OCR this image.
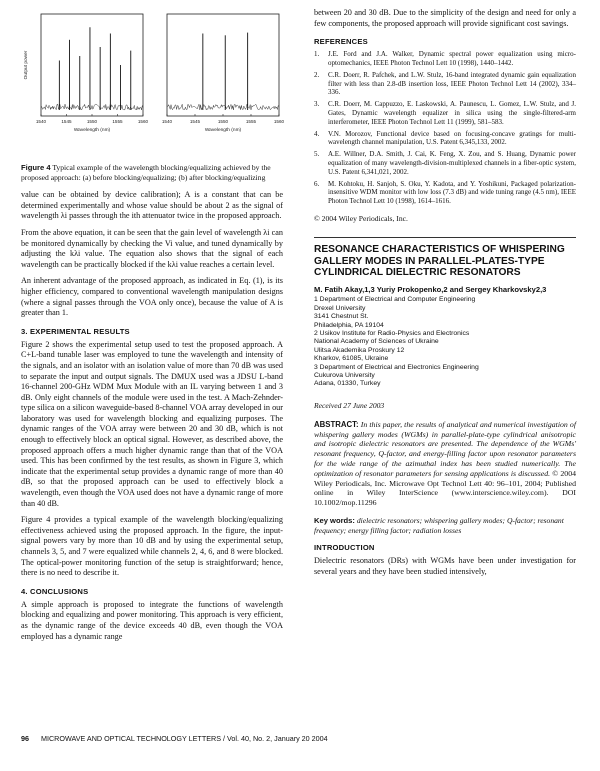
1540	1545	1550	1555	1560
Wavelength (nm)
Output power
1540	1545	1550	1555	1560
Wavelength (nm)
Figure 4 Typical example of the wavelength blocking/equalizing achieved by the proposed approach: (a) before blocking/equalizing; (b) after blocking/equalizing

value can be obtained by device calibration); A is a constant that can be determined experimentally and whose value should be about 2 as the signal of wavelength λi passes through the ith attenuator twice in the proposed approach.

From the above equation, it can be seen that the gain level of wavelength λi can be monitored dynamically by checking the Vi value, and tuned dynamically by adjusting the kλi value. The equation also shows that the signal of each wavelength can be practically blocked if the kλi value reaches a certain level.

An inherent advantage of the proposed approach, as indicated in Eq. (1), is its higher efficiency, compared to conventional wavelength manipulation designs (where a signal passes through the VOA only once), because the value of A is greater than 1.

3. EXPERIMENTAL RESULTS

Figure 2 shows the experimental setup used to test the proposed approach. A C+L-band tunable laser was employed to tune the wavelength and intensity of the signals, and an isolator with an isolation value of more than 70 dB was used to separate the input and output signals. The DMUX used was a JDSU L-band 16-channel 200-GHz WDM Mux Module with an IL varying between 1 and 3 dB. Only eight channels of the module were used in the test. A Mach-Zehnder-type silica on a silicon waveguide-based 8-channel VOA array developed in our laboratory was used for wavelength blocking and equalizing purposes. The dynamic ranges of the VOA array were between 20 and 30 dB, which is not enough to effectively block an optical signal. However, as described above, the proposed approach offers a much higher dynamic range than that of the VOA used. This has been confirmed by the test results, as shown in Figure 3, which indicate that the experimental setup provides a dynamic range of more than 40 dB, so that the proposed approach can be used to effectively block a wavelength, even though the VOA used does not have a dynamic range of more than 40 dB.

Figure 4 provides a typical example of the wavelength blocking/equalizing effectiveness achieved using the proposed approach. In the figure, the input-signal powers vary by more than 10 dB and by using the experimental setup, channels 3, 5, and 7 were equalized while channels 2, 4, 6, and 8 were blocked. The optical-power monitoring function of the setup is straightforward; hence, there is no need to describe it.

4. CONCLUSIONS

A simple approach is proposed to integrate the functions of wavelength blocking and equalizing and power monitoring. This approach is very efficient, as the dynamic range of the device exceeds 40 dB, even though the VOA employed has a dynamic range

between 20 and 30 dB. Due to the simplicity of the design and need for only a few components, the proposed approach will provide significant cost savings.

REFERENCES
1.	J.E. Ford and J.A. Walker, Dynamic spectral power equalization using micro-optomechanics, IEEE Photon Technol Lett 10 (1998), 1440–1442.
2.	C.R. Doerr, R. Pafchek, and L.W. Stulz, 16-band integrated dynamic gain equalization filter with less than 2.8-dB insertion loss, IEEE Photon Technol Lett 14 (2002), 334–336.
3.	C.R. Doerr, M. Cappuzzo, E. Laskowski, A. Paunescu, L. Gomez, L.W. Stulz, and J. Gates, Dynamic wavelength equalizer in silica using the single-filtered-arm interferometer, IEEE Photon Technol Lett 11 (1999), 581–583.
4.	V.N. Morozov, Functional device based on focusing-concave gratings for multi-wavelength channel manipulation, U.S. Patent 6,345,133, 2002.
5.	A.E. Willner, D.A. Smith, J. Cai, K. Feng, X. Zou, and S. Huang, Dynamic power equalization of many wavelength-division-multiplexed channels in a fiber-optic system, U.S. Patent 6,341,021, 2002.
6.	M. Kohtoku, H. Sanjoh, S. Oku, Y. Kadota, and Y. Yoshikuni, Packaged polarization-insensitive WDM monitor with low loss (7.3 dB) and wide tuning range (4.5 nm), IEEE Photon Technol Lett 10 (1998), 1614–1616.
© 2004 Wiley Periodicals, Inc.
RESONANCE CHARACTERISTICS OF WHISPERING GALLERY MODES IN PARALLEL-PLATES-TYPE CYLINDRICAL DIELECTRIC RESONATORS
M. Fatih Akay,1,3 Yuriy Prokopenko,2 and Sergey Kharkovsky2,3
1 Department of Electrical and Computer Engineering
Drexel University
3141 Chestnut St.
Philadelphia, PA 19104
2 Usikov Institute for Radio-Physics and Electronics
National Academy of Sciences of Ukraine
Ulitsa Akademika Proskury 12
Kharkov, 61085, Ukraine
3 Department of Electrical and Electronics Engineering
Cukurova University
Adana, 01330, Turkey
Received 27 June 2003
ABSTRACT: In this paper, the results of analytical and numerical investigation of whispering gallery modes (WGMs) in parallel-plate-type cylindrical anisotropic and isotropic dielectric resonators are presented. The dependence of the WGMs' resonant frequency, Q-factor, and energy-filling factor upon resonator parameters for the wide range of the azimuthal index has been studied numerically. The optimization of resonator parameters for sensing applications is discussed. © 2004 Wiley Periodicals, Inc. Microwave Opt Technol Lett 40: 96–101, 2004; Published online in Wiley InterScience (www.interscience.wiley.com). DOI 10.1002/mop.11296
Key words: dielectric resonators; whispering gallery modes; Q-factor; resonant frequency; energy filling factor; radiation losses
INTRODUCTION

Dielectric resonators (DRs) with WGMs have been under investigation for several years and they have been studied intensively,

96 MICROWAVE AND OPTICAL TECHNOLOGY LETTERS / Vol. 40, No. 2, January 20 2004
